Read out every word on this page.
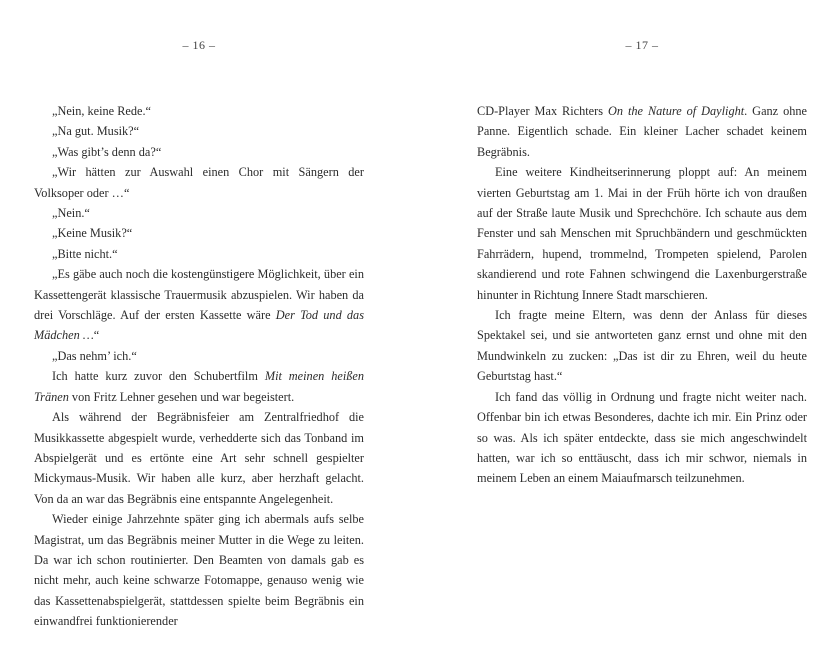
– 16 –

„Nein, keine Rede.“

„Na gut. Musik?“

„Was gibt’s denn da?“

„Wir hätten zur Auswahl einen Chor mit Sängern der Volksoper oder …“

„Nein.“

„Keine Musik?“

„Bitte nicht.“

„Es gäbe auch noch die kostengünstigere Möglichkeit, über ein Kassettengerät klassische Trauermusik abzuspielen. Wir haben da drei Vorschläge. Auf der ersten Kassette wäre Der Tod und das Mädchen …“

„Das nehm’ ich.“

Ich hatte kurz zuvor den Schubertfilm Mit meinen heißen Tränen von Fritz Lehner gesehen und war begeistert.

Als während der Begräbnisfeier am Zentralfriedhof die Musikkassette abgespielt wurde, verhedderte sich das Tonband im Abspielgerät und es ertönte eine Art sehr schnell gespielter Mickymaus-Musik. Wir haben alle kurz, aber herzhaft gelacht. Von da an war das Begräbnis eine entspannte Angelegenheit.

Wieder einige Jahrzehnte später ging ich abermals aufs selbe Magistrat, um das Begräbnis meiner Mutter in die Wege zu leiten. Da war ich schon routinierter. Den Beamten von damals gab es nicht mehr, auch keine schwarze Fotomappe, genauso wenig wie das Kassettenabspielgerät, stattdessen spielte beim Begräbnis ein einwandfrei funktionierender

– 17 –

CD-Player Max Richters On the Nature of Daylight. Ganz ohne Panne. Eigentlich schade. Ein kleiner Lacher schadet keinem Begräbnis.

Eine weitere Kindheitserinnerung ploppt auf: An meinem vierten Geburtstag am 1. Mai in der Früh hörte ich von draußen auf der Straße laute Musik und Sprechchöre. Ich schaute aus dem Fenster und sah Menschen mit Spruchbändern und geschmückten Fahrrädern, hupend, trommelnd, Trompeten spielend, Parolen skandierend und rote Fahnen schwingend die Laxenburgerstraße hinunter in Richtung Innere Stadt marschieren.

Ich fragte meine Eltern, was denn der Anlass für dieses Spektakel sei, und sie antworteten ganz ernst und ohne mit den Mundwinkeln zu zucken: „Das ist dir zu Ehren, weil du heute Geburtstag hast.“

Ich fand das völlig in Ordnung und fragte nicht weiter nach. Offenbar bin ich etwas Besonderes, dachte ich mir. Ein Prinz oder so was. Als ich später entdeckte, dass sie mich angeschwindelt hatten, war ich so enttäuscht, dass ich mir schwor, niemals in meinem Leben an einem Maiaufmarsch teilzunehmen.
